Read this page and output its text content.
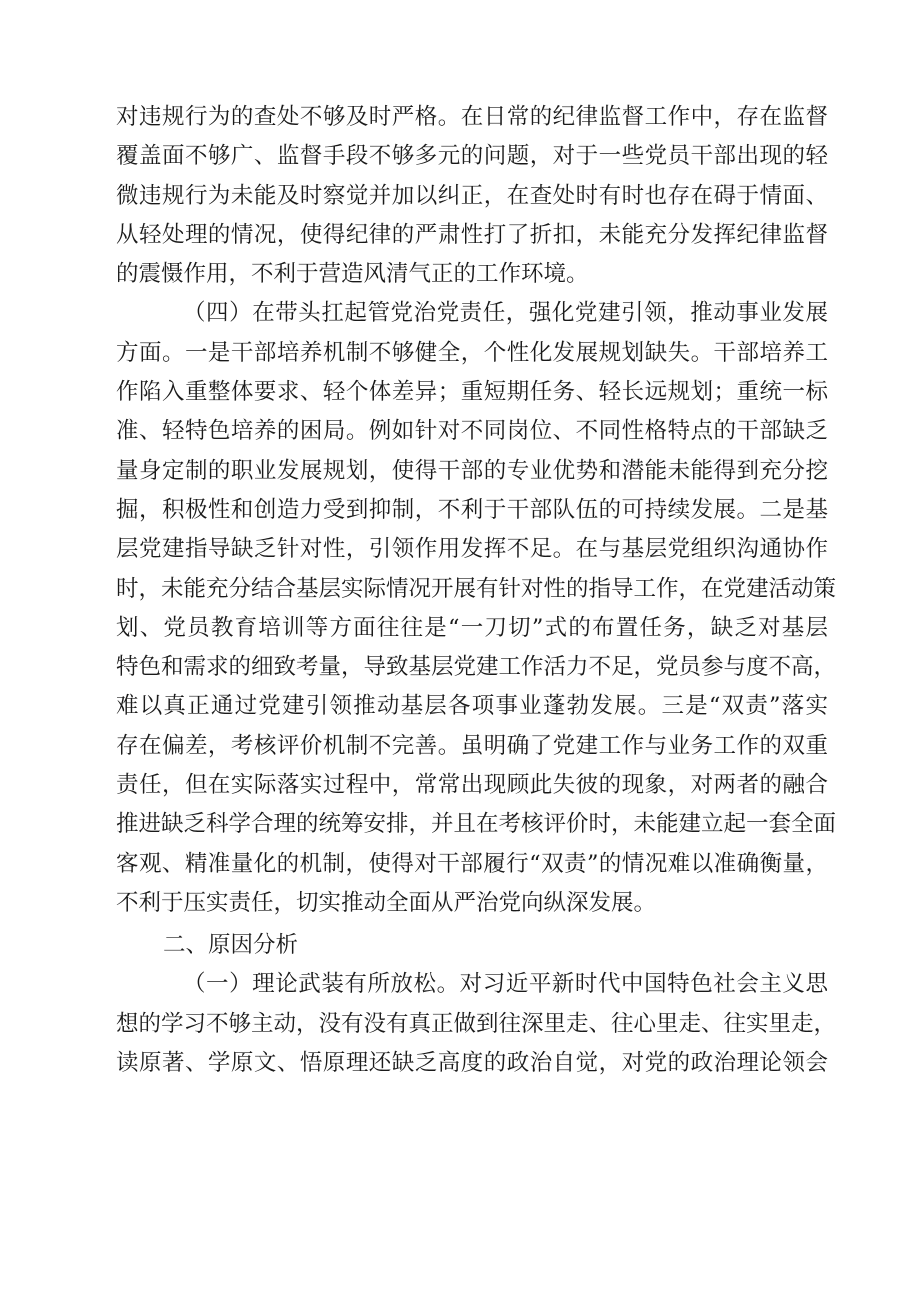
对违规行为的查处不够及时严格。在日常的纪律监督工作中，存在监督
覆盖面不够广、监督手段不够多元的问题，对于一些党员干部出现的轻
微违规行为未能及时察觉并加以纠正，在查处时有时也存在碍于情面、
从轻处理的情况，使得纪律的严肃性打了折扣，未能充分发挥纪律监督
的震慑作用，不利于营造风清气正的工作环境。
（四）在带头扛起管党治党责任，强化党建引领，推动事业发展
方面。一是干部培养机制不够健全，个性化发展规划缺失。干部培养工
作陷入重整体要求、轻个体差异；重短期任务、轻长远规划；重统一标
准、轻特色培养的困局。例如针对不同岗位、不同性格特点的干部缺乏
量身定制的职业发展规划，使得干部的专业优势和潜能未能得到充分挖
掘，积极性和创造力受到抑制，不利于干部队伍的可持续发展。二是基
层党建指导缺乏针对性，引领作用发挥不足。在与基层党组织沟通协作
时，未能充分结合基层实际情况开展有针对性的指导工作，在党建活动策
划、党员教育培训等方面往往是“一刀切”式的布置任务，缺乏对基层
特色和需求的细致考量，导致基层党建工作活力不足，党员参与度不高，
难以真正通过党建引领推动基层各项事业蓬勃发展。三是“双责”落实
存在偏差，考核评价机制不完善。虽明确了党建工作与业务工作的双重
责任，但在实际落实过程中，常常出现顾此失彼的现象，对两者的融合
推进缺乏科学合理的统筹安排，并且在考核评价时，未能建立起一套全面
客观、精准量化的机制，使得对干部履行“双责”的情况难以准确衡量，
不利于压实责任，切实推动全面从严治党向纵深发展。
二、原因分析
（一）理论武装有所放松。对习近平新时代中国特色社会主义思
想的学习不够主动，没有没有真正做到往深里走、往心里走、往实里走，
读原著、学原文、悟原理还缺乏高度的政治自觉，对党的政治理论领会
